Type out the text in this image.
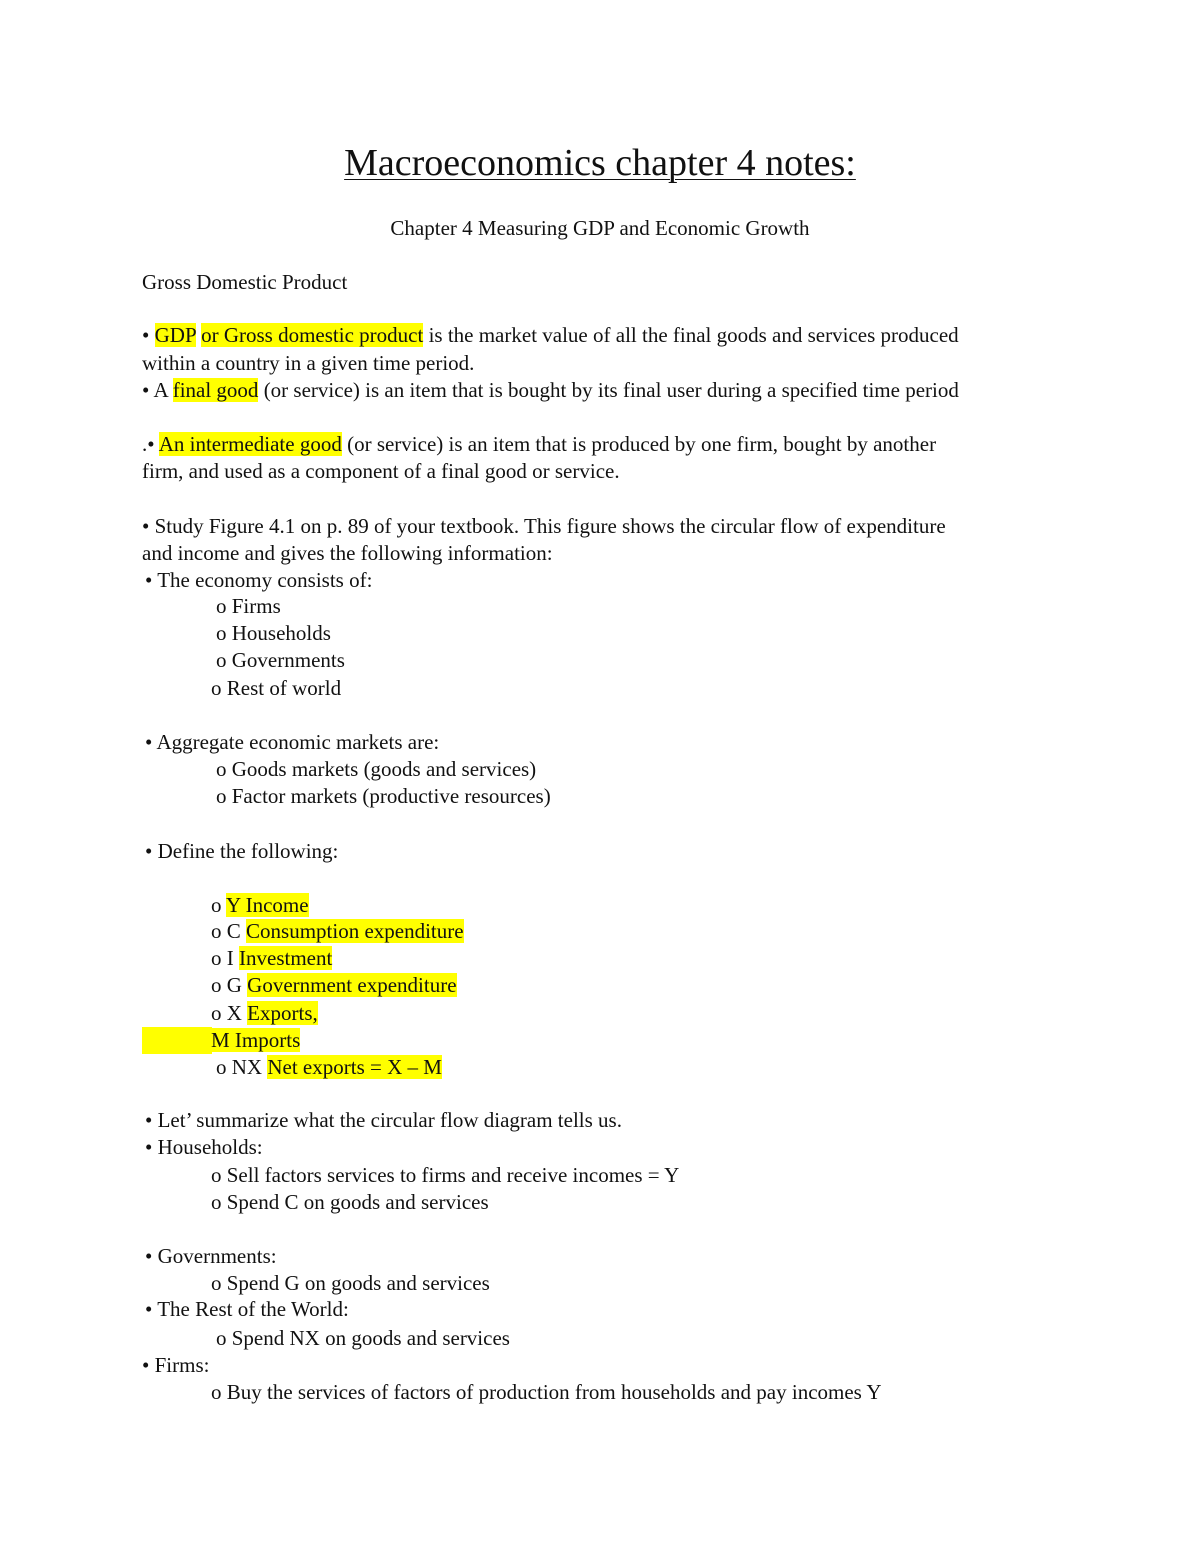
Macroeconomics chapter 4 notes:
Chapter 4 Measuring GDP and Economic Growth
Gross Domestic Product
• GDP or Gross domestic product is the market value of all the final goods and services produced
within a country in a given time period.
• A final good (or service) is an item that is bought by its final user during a specified time period
.• An intermediate good (or service) is an item that is produced by one firm, bought by another
firm, and used as a component of a final good or service.
• Study Figure 4.1 on p. 89 of your textbook. This figure shows the circular flow of expenditure
and income and gives the following information:
• The economy consists of:
o Firms
o Households
o Governments
o Rest of world
• Aggregate economic markets are:
o Goods markets (goods and services)
o Factor markets (productive resources)
• Define the following:
o Y Income
o C Consumption expenditure
o I Investment
o G Government expenditure
o X Exports,
M Imports
o NX Net exports = X – M
• Let’ summarize what the circular flow diagram tells us.
• Households:
o Sell factors services to firms and receive incomes = Y
o Spend C on goods and services
• Governments:
o Spend G on goods and services
• The Rest of the World:
o Spend NX on goods and services
• Firms:
o Buy the services of factors of production from households and pay incomes Y
